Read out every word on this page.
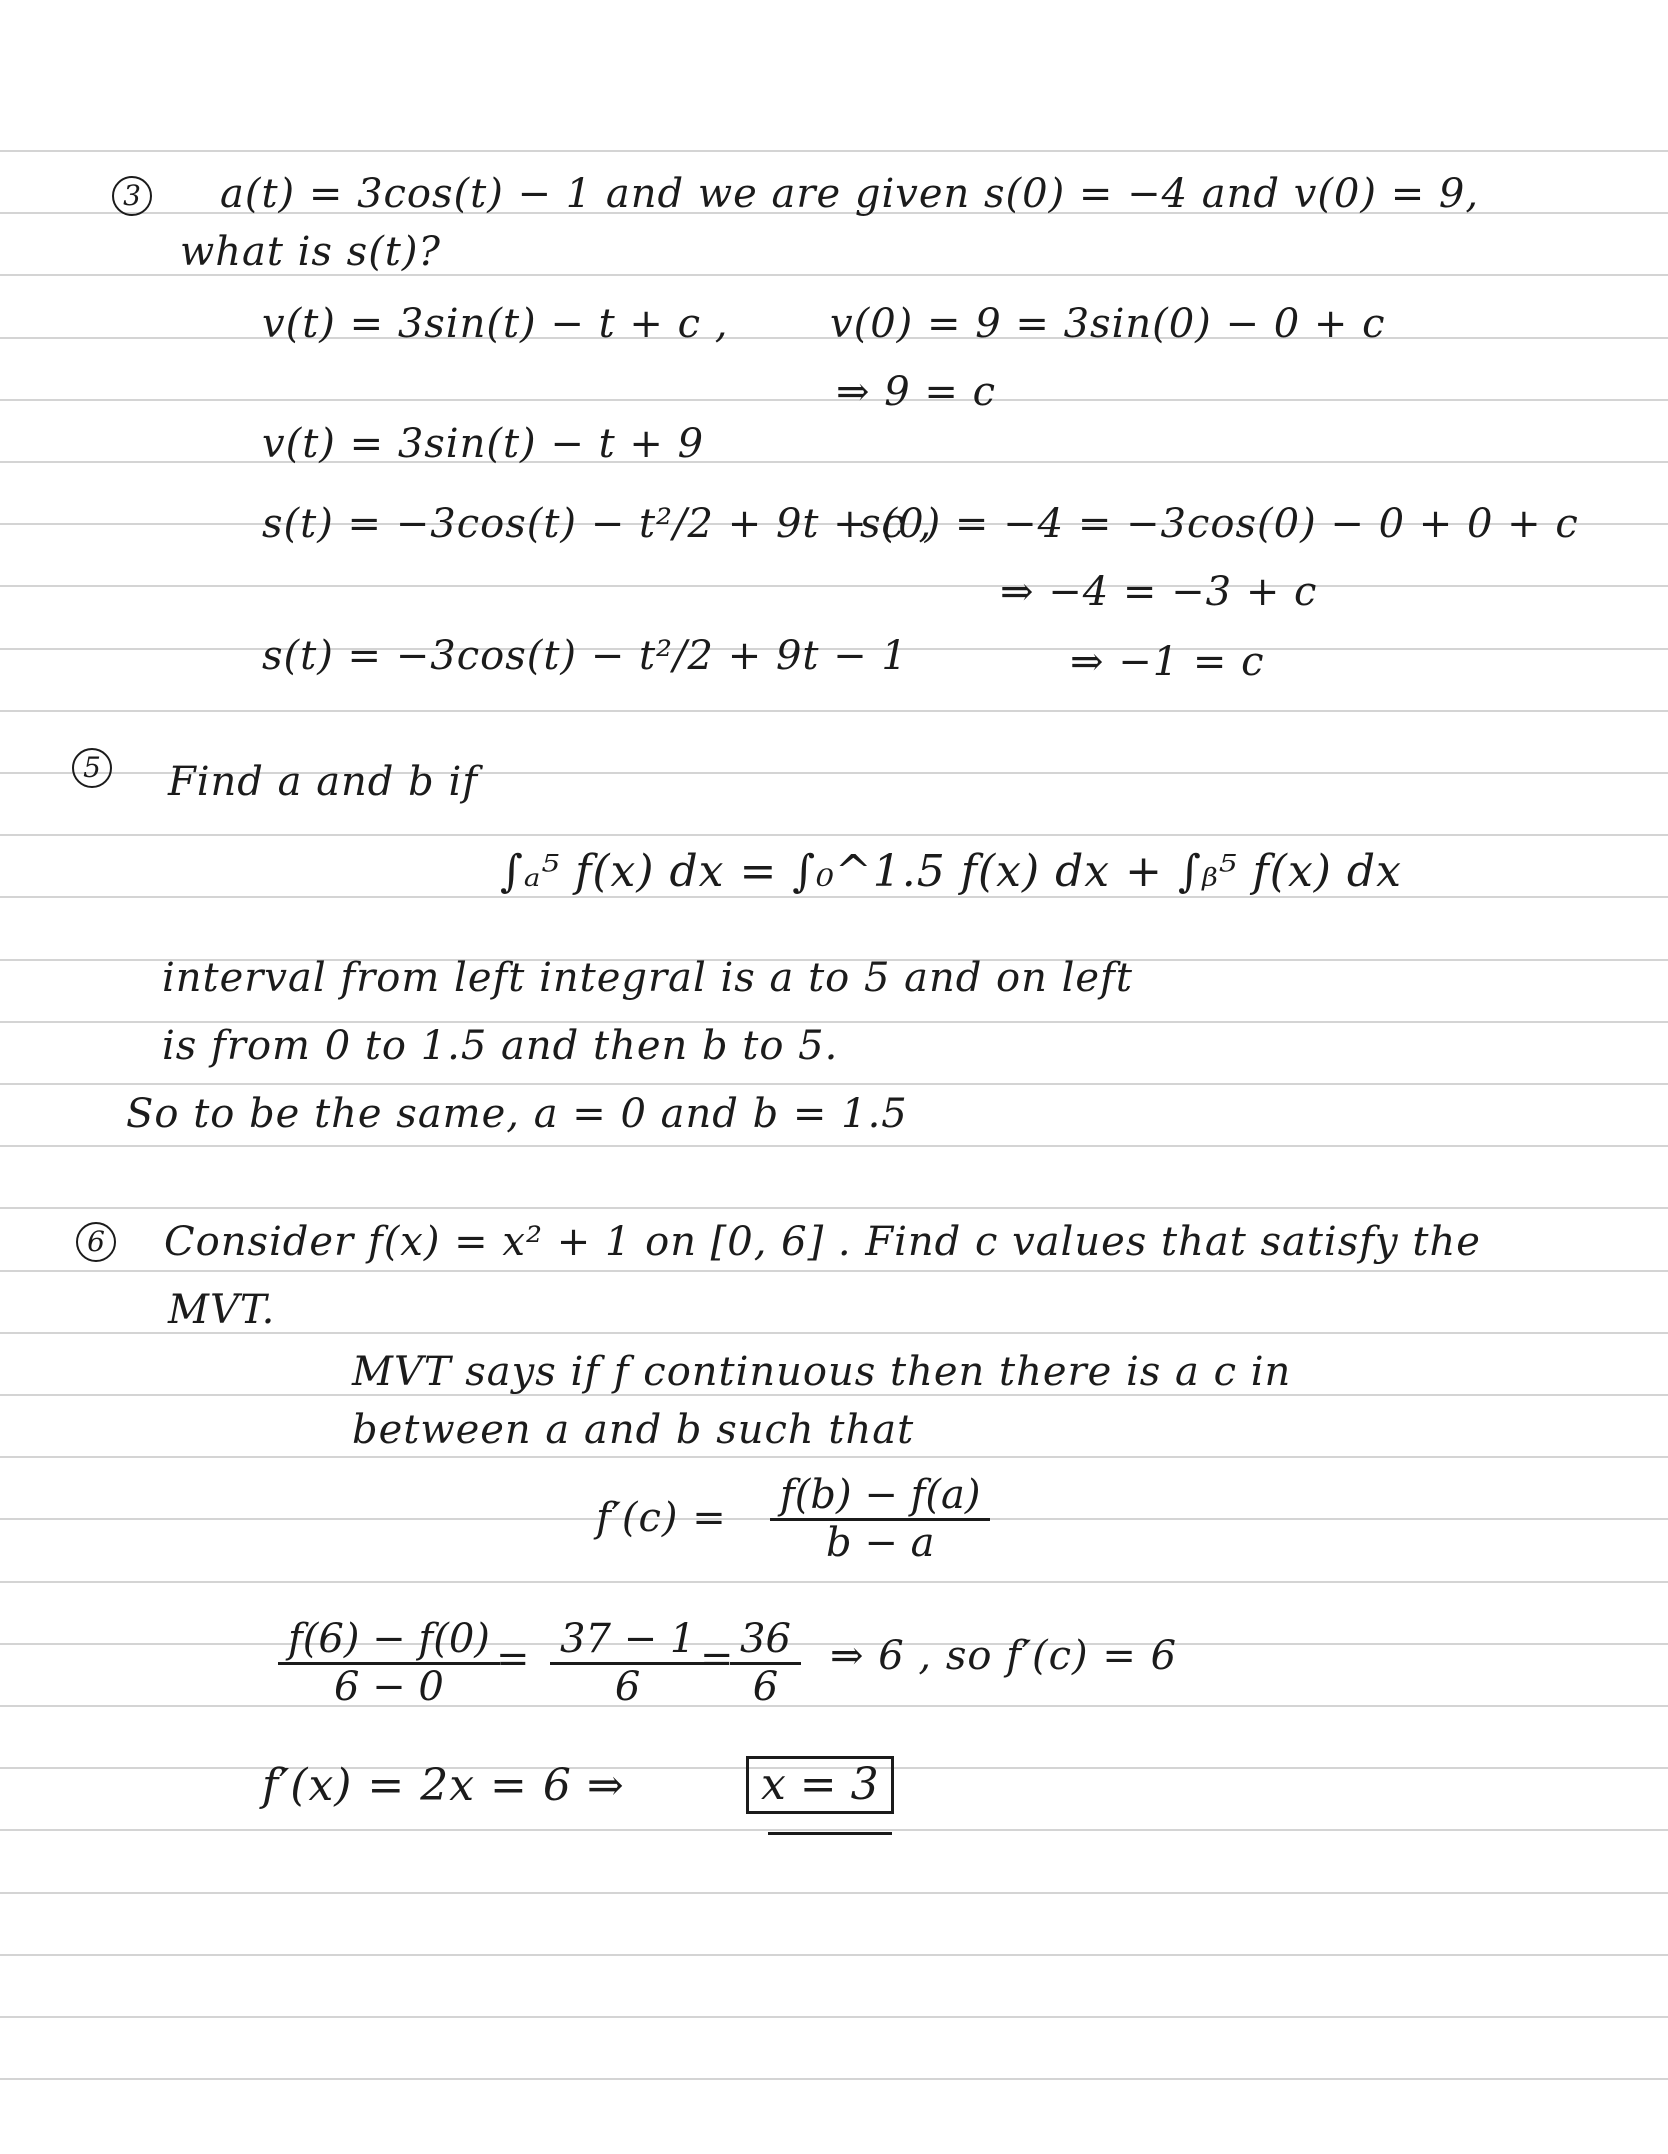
3 a(t) = 3cos(t) − 1 and we are given s(0) = −4 and v(0) = 9,
what is s(t)?
v(t) = 3sin(t) − t + c ,	v(0) = 9 = 3sin(0) − 0 + c
⇒ 9 = c
v(t) = 3sin(t) − t + 9
s(t) = −3cos(t) − t²/2 + 9t + c ,
s(0) = −4 = −3cos(0) − 0 + 0 + c
⇒ −4 = −3 + c
s(t) = −3cos(t) − t²/2 + 9t − 1	⇒ −1 = c
5 Find a and b if
∫ₐ⁵ f(x) dx = ∫₀^1.5 f(x) dx + ∫ᵦ⁵ f(x) dx
interval from left integral is a to 5 and on left
is from 0 to 1.5 and then b to 5.
So to be the same, a = 0 and b = 1.5
6 Consider f(x) = x² + 1 on [0, 6] . Find c values that satisfy the
MVT.
MVT says if f continuous then there is a c in
between a and b such that
$f'(c) = \frac{f(b) - f(a)}{b - a}$
$\frac{f(6) - f(0)}{6 - 0}$
= $\frac{37 - 1}{6}$
=
$\frac{36}{6}$ ⇒ 6 , so f′(c) = 6
f′(x) = 2x = 6 ⇒	x = 3
